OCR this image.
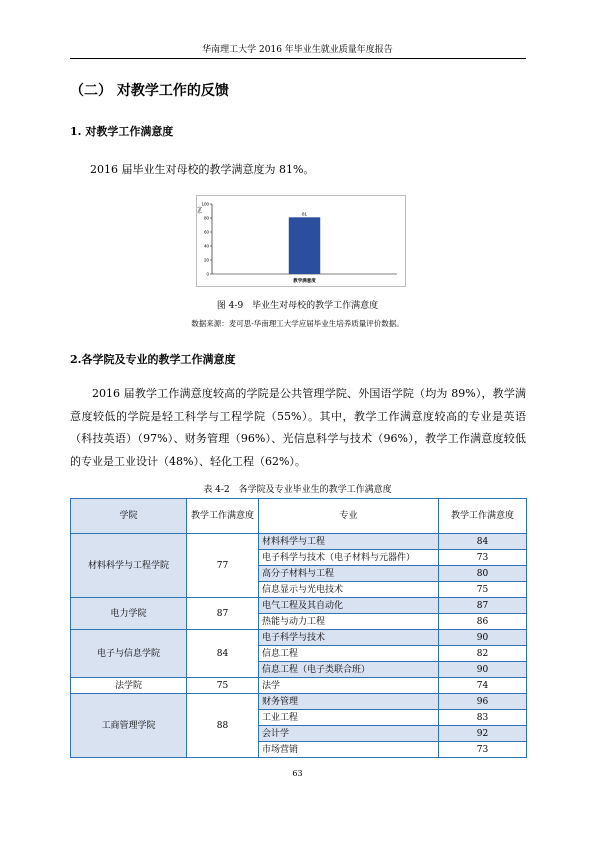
华南理工大学 2016 年毕业生就业质量年度报告
（二） 对教学工作的反馈
1. 对教学工作满意度
2016 届毕业生对母校的教学满意度为 81%。
(%)
0
20
40
60
80
100
81
教学满意度
图 4-9　毕业生对母校的教学工作满意度
数据来源：麦可思-华南理工大学应届毕业生培养质量评价数据。
2.各学院及专业的教学工作满意度
2016 届教学工作满意度较高的学院是公共管理学院、外国语学院（均为 89%），教学满意度较低的学院是轻工科学与工程学院（55%）。其中，教学工作满意度较高的专业是英语（科技英语）（97%）、财务管理（96%）、光信息科学与技术（96%），教学工作满意度较低的专业是工业设计（48%）、轻化工程（62%）。
表 4-2　各学院及专业毕业生的教学工作满意度
学院	教学工作满意度	专业	教学工作满意度
材料科学与工程学院	77	材料科学与工程	84
		电子科学与技术（电子材料与元器件）	73
		高分子材料与工程	80
		信息显示与光电技术	75
电力学院	87	电气工程及其自动化	87
		热能与动力工程	86
电子与信息学院	84	电子科学与技术	90
		信息工程	82
		信息工程（电子类联合班）	90
法学院	75	法学	74
工商管理学院	88	财务管理	96
		工业工程	83
		会计学	92
		市场营销	73
63
